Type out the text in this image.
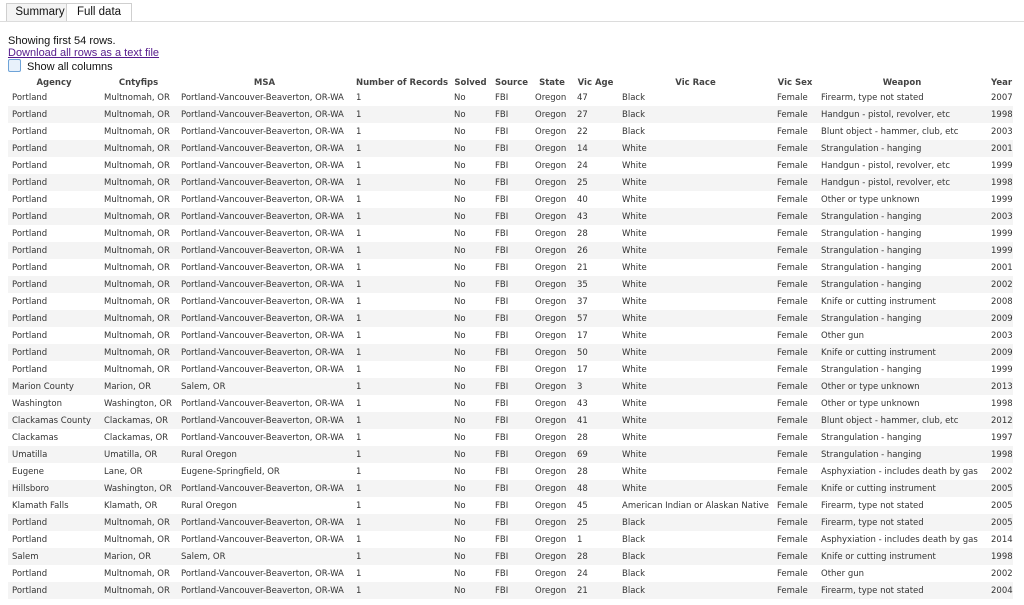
Summary	Full data
Showing first 54 rows.
Download all rows as a text file
Show all columns
Agency	Cntyfips	MSA	Number of Records	Solved	Source	State	Vic Age	Vic Race	Vic Sex	Weapon	Year
Portland	Multnomah, OR	Portland-Vancouver-Beaverton, OR-WA	1	No	FBI	Oregon	47	Black	Female	Firearm, type not stated	2007
Portland	Multnomah, OR	Portland-Vancouver-Beaverton, OR-WA	1	No	FBI	Oregon	27	Black	Female	Handgun - pistol, revolver, etc	1998
Portland	Multnomah, OR	Portland-Vancouver-Beaverton, OR-WA	1	No	FBI	Oregon	22	Black	Female	Blunt object - hammer, club, etc	2003
Portland	Multnomah, OR	Portland-Vancouver-Beaverton, OR-WA	1	No	FBI	Oregon	14	White	Female	Strangulation - hanging	2001
Portland	Multnomah, OR	Portland-Vancouver-Beaverton, OR-WA	1	No	FBI	Oregon	24	White	Female	Handgun - pistol, revolver, etc	1999
Portland	Multnomah, OR	Portland-Vancouver-Beaverton, OR-WA	1	No	FBI	Oregon	25	White	Female	Handgun - pistol, revolver, etc	1998
Portland	Multnomah, OR	Portland-Vancouver-Beaverton, OR-WA	1	No	FBI	Oregon	40	White	Female	Other or type unknown	1999
Portland	Multnomah, OR	Portland-Vancouver-Beaverton, OR-WA	1	No	FBI	Oregon	43	White	Female	Strangulation - hanging	2003
Portland	Multnomah, OR	Portland-Vancouver-Beaverton, OR-WA	1	No	FBI	Oregon	28	White	Female	Strangulation - hanging	1999
Portland	Multnomah, OR	Portland-Vancouver-Beaverton, OR-WA	1	No	FBI	Oregon	26	White	Female	Strangulation - hanging	1999
Portland	Multnomah, OR	Portland-Vancouver-Beaverton, OR-WA	1	No	FBI	Oregon	21	White	Female	Strangulation - hanging	2001
Portland	Multnomah, OR	Portland-Vancouver-Beaverton, OR-WA	1	No	FBI	Oregon	35	White	Female	Strangulation - hanging	2002
Portland	Multnomah, OR	Portland-Vancouver-Beaverton, OR-WA	1	No	FBI	Oregon	37	White	Female	Knife or cutting instrument	2008
Portland	Multnomah, OR	Portland-Vancouver-Beaverton, OR-WA	1	No	FBI	Oregon	57	White	Female	Strangulation - hanging	2009
Portland	Multnomah, OR	Portland-Vancouver-Beaverton, OR-WA	1	No	FBI	Oregon	17	White	Female	Other gun	2003
Portland	Multnomah, OR	Portland-Vancouver-Beaverton, OR-WA	1	No	FBI	Oregon	50	White	Female	Knife or cutting instrument	2009
Portland	Multnomah, OR	Portland-Vancouver-Beaverton, OR-WA	1	No	FBI	Oregon	17	White	Female	Strangulation - hanging	1999
Marion County	Marion, OR	Salem, OR	1	No	FBI	Oregon	3	White	Female	Other or type unknown	2013
Washington	Washington, OR	Portland-Vancouver-Beaverton, OR-WA	1	No	FBI	Oregon	43	White	Female	Other or type unknown	1998
Clackamas County	Clackamas, OR	Portland-Vancouver-Beaverton, OR-WA	1	No	FBI	Oregon	41	White	Female	Blunt object - hammer, club, etc	2012
Clackamas	Clackamas, OR	Portland-Vancouver-Beaverton, OR-WA	1	No	FBI	Oregon	28	White	Female	Strangulation - hanging	1997
Umatilla	Umatilla, OR	Rural Oregon	1	No	FBI	Oregon	69	White	Female	Strangulation - hanging	1998
Eugene	Lane, OR	Eugene-Springfield, OR	1	No	FBI	Oregon	28	White	Female	Asphyxiation - includes death by gas	2002
Hillsboro	Washington, OR	Portland-Vancouver-Beaverton, OR-WA	1	No	FBI	Oregon	48	White	Female	Knife or cutting instrument	2005
Klamath Falls	Klamath, OR	Rural Oregon	1	No	FBI	Oregon	45	American Indian or Alaskan Native	Female	Firearm, type not stated	2005
Portland	Multnomah, OR	Portland-Vancouver-Beaverton, OR-WA	1	No	FBI	Oregon	25	Black	Female	Firearm, type not stated	2005
Portland	Multnomah, OR	Portland-Vancouver-Beaverton, OR-WA	1	No	FBI	Oregon	1	Black	Female	Asphyxiation - includes death by gas	2014
Salem	Marion, OR	Salem, OR	1	No	FBI	Oregon	28	Black	Female	Knife or cutting instrument	1998
Portland	Multnomah, OR	Portland-Vancouver-Beaverton, OR-WA	1	No	FBI	Oregon	24	Black	Female	Other gun	2002
Portland	Multnomah, OR	Portland-Vancouver-Beaverton, OR-WA	1	No	FBI	Oregon	21	Black	Female	Firearm, type not stated	2004
